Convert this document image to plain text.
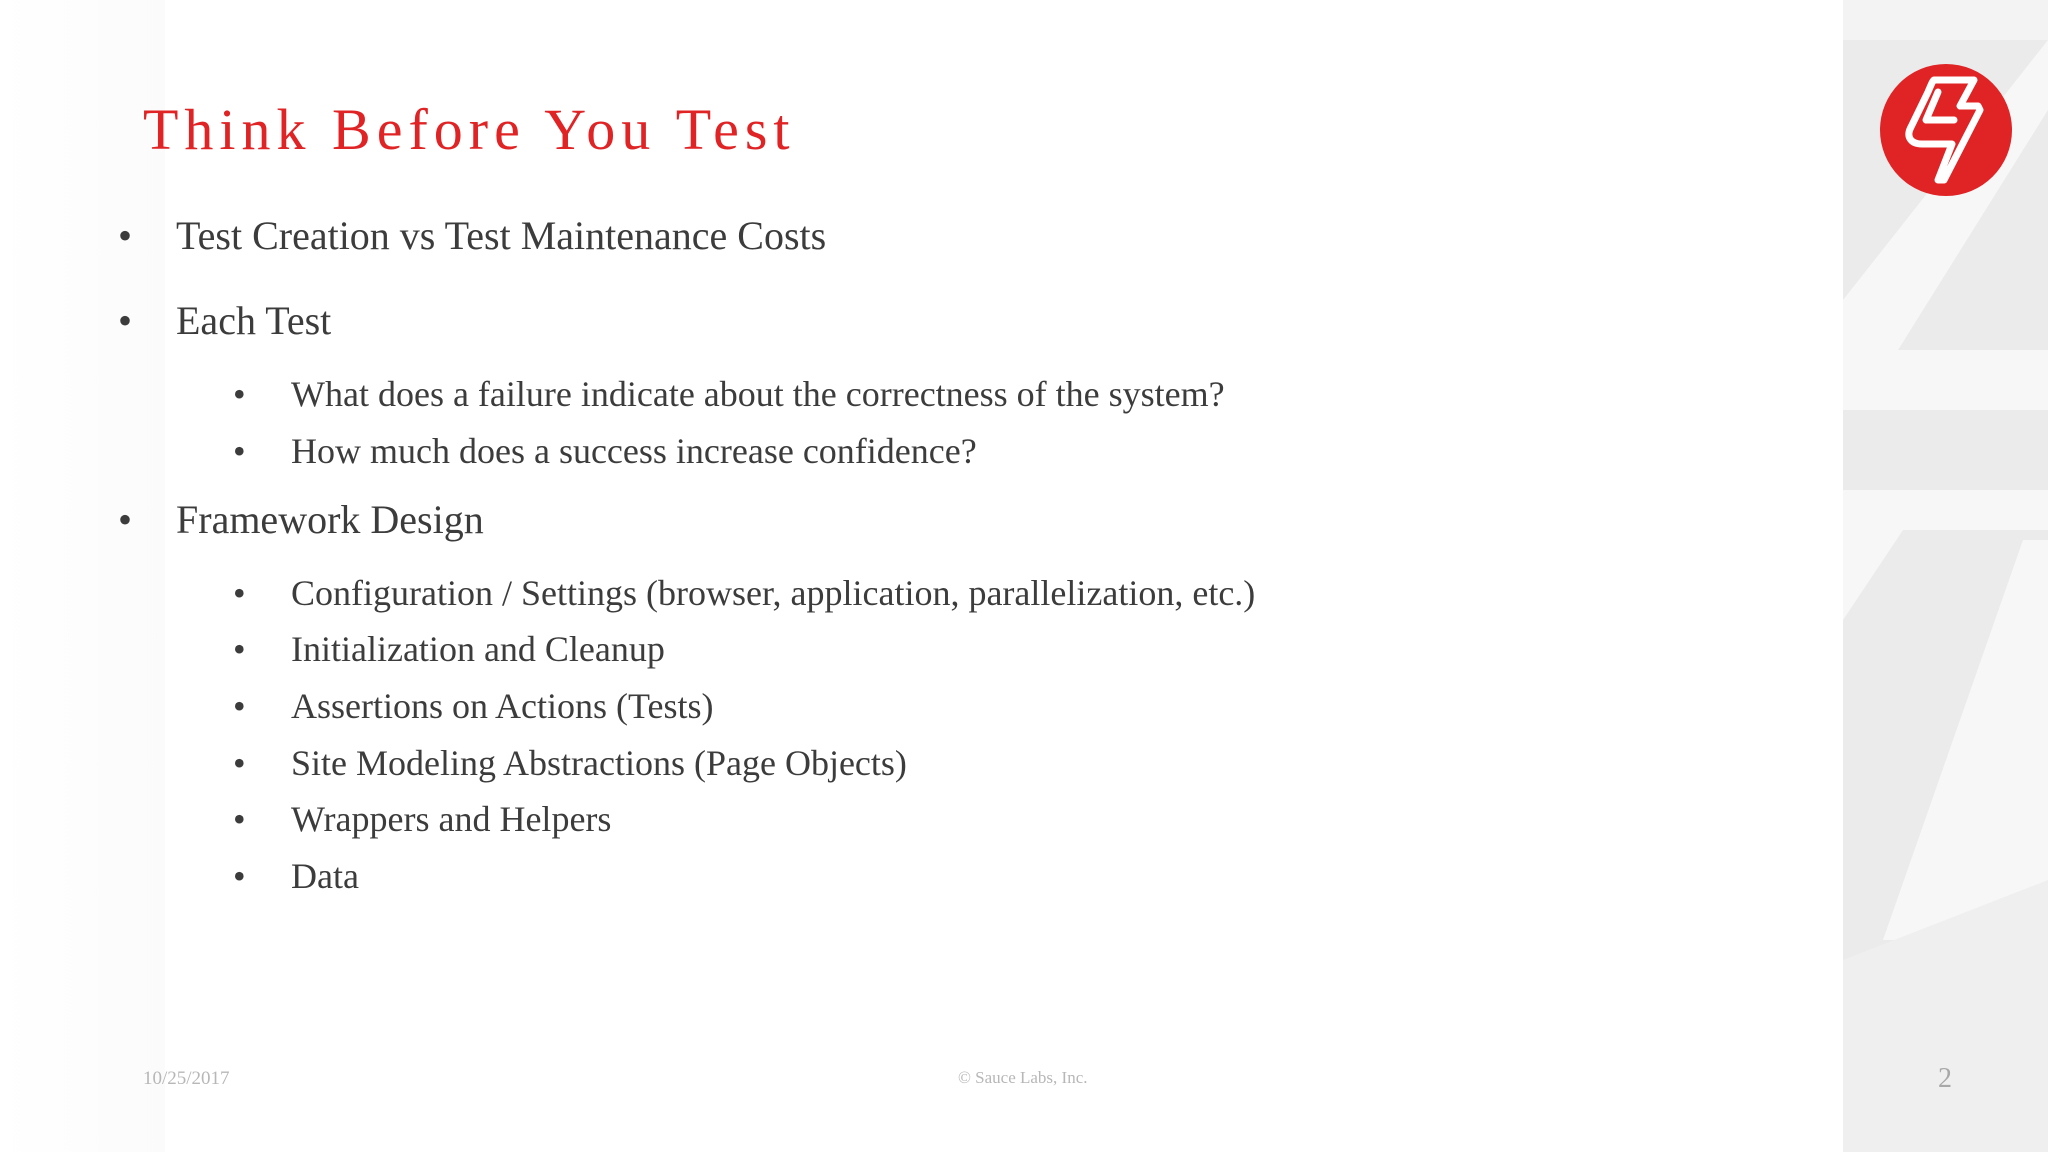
Think Before You Test
• Test Creation vs Test Maintenance Costs
• Each Test
• What does a failure indicate about the correctness of the system?
• How much does a success increase confidence?
• Framework Design
• Configuration / Settings (browser, application, parallelization, etc.)
• Initialization and Cleanup
• Assertions on Actions (Tests)
• Site Modeling Abstractions (Page Objects)
• Wrappers and Helpers
• Data
10/25/2017	© Sauce Labs, Inc.	2
